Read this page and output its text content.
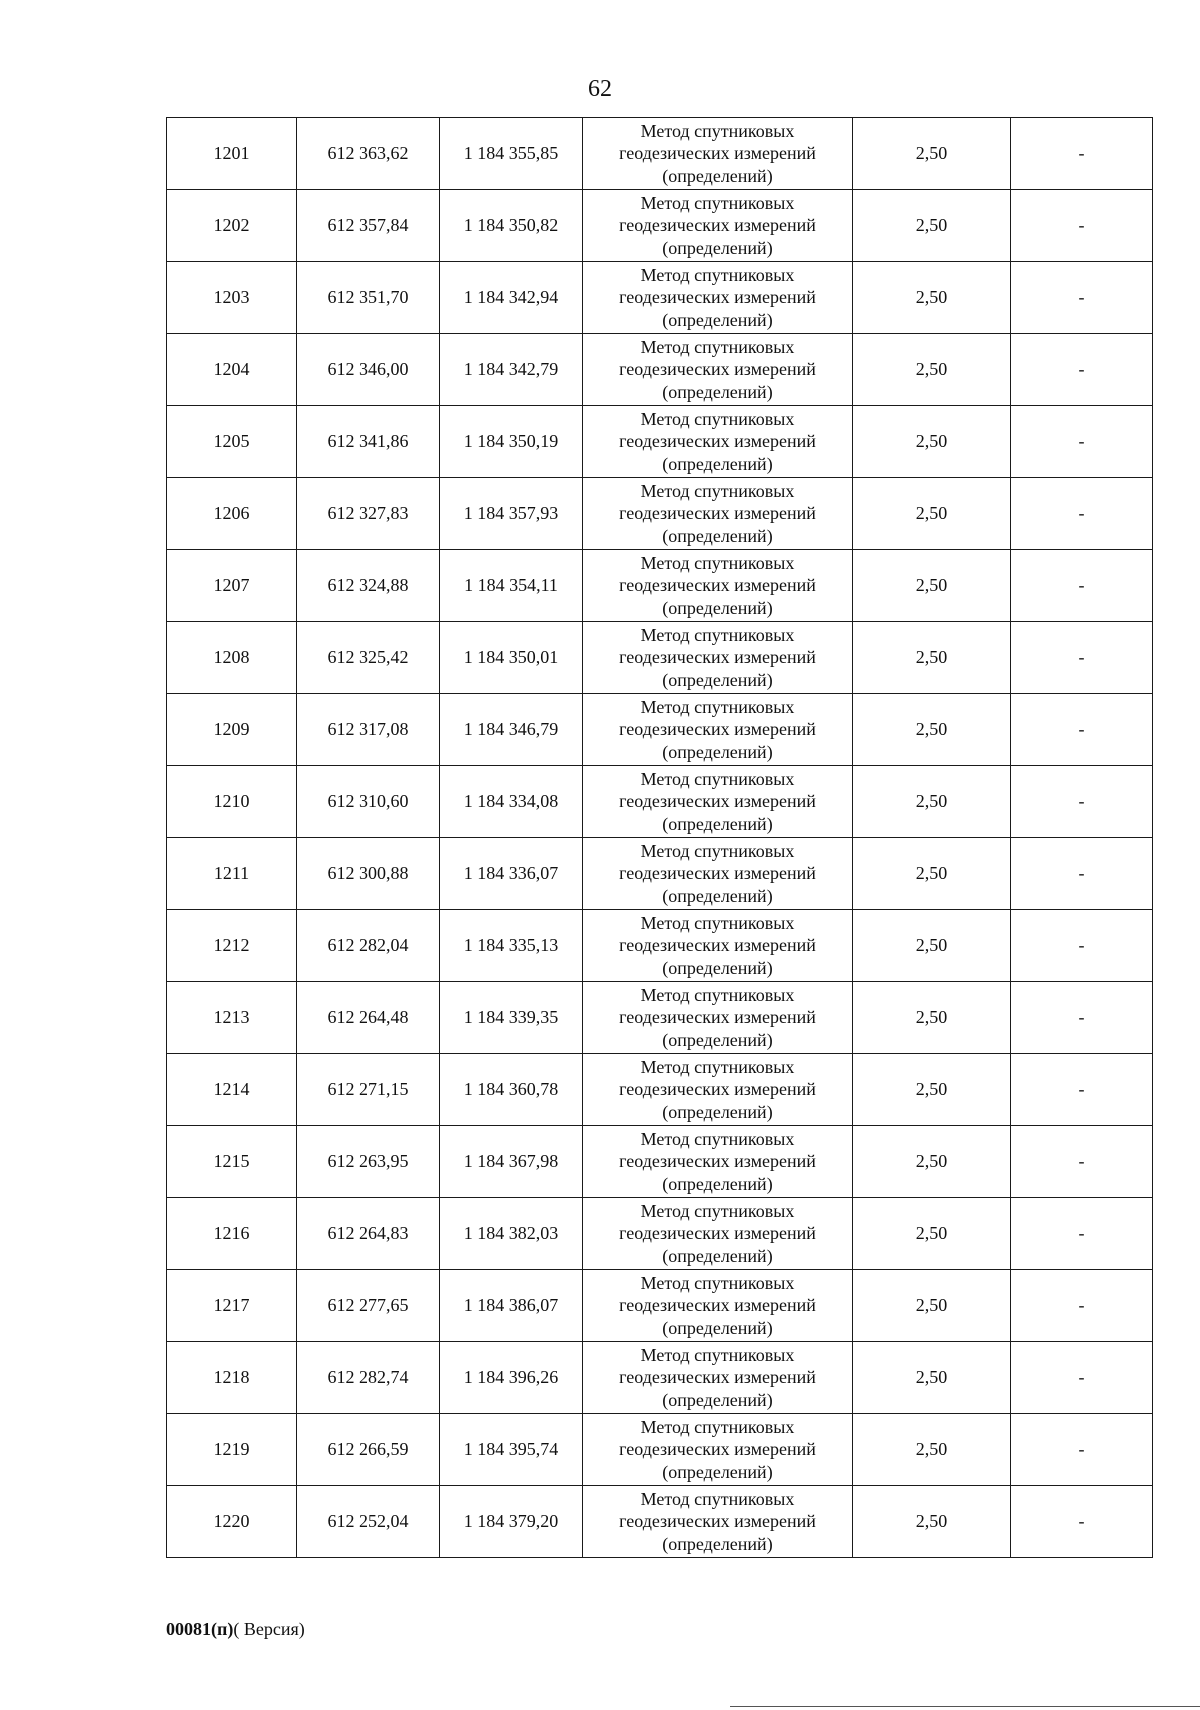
62
1201	612 363,62	1 184 355,85	Метод спутниковых
геодезических измерений
(определений)	2,50	-
1202	612 357,84	1 184 350,82	Метод спутниковых
геодезических измерений
(определений)	2,50	-
1203	612 351,70	1 184 342,94	Метод спутниковых
геодезических измерений
(определений)	2,50	-
1204	612 346,00	1 184 342,79	Метод спутниковых
геодезических измерений
(определений)	2,50	-
1205	612 341,86	1 184 350,19	Метод спутниковых
геодезических измерений
(определений)	2,50	-
1206	612 327,83	1 184 357,93	Метод спутниковых
геодезических измерений
(определений)	2,50	-
1207	612 324,88	1 184 354,11	Метод спутниковых
геодезических измерений
(определений)	2,50	-
1208	612 325,42	1 184 350,01	Метод спутниковых
геодезических измерений
(определений)	2,50	-
1209	612 317,08	1 184 346,79	Метод спутниковых
геодезических измерений
(определений)	2,50	-
1210	612 310,60	1 184 334,08	Метод спутниковых
геодезических измерений
(определений)	2,50	-
1211	612 300,88	1 184 336,07	Метод спутниковых
геодезических измерений
(определений)	2,50	-
1212	612 282,04	1 184 335,13	Метод спутниковых
геодезических измерений
(определений)	2,50	-
1213	612 264,48	1 184 339,35	Метод спутниковых
геодезических измерений
(определений)	2,50	-
1214	612 271,15	1 184 360,78	Метод спутниковых
геодезических измерений
(определений)	2,50	-
1215	612 263,95	1 184 367,98	Метод спутниковых
геодезических измерений
(определений)	2,50	-
1216	612 264,83	1 184 382,03	Метод спутниковых
геодезических измерений
(определений)	2,50	-
1217	612 277,65	1 184 386,07	Метод спутниковых
геодезических измерений
(определений)	2,50	-
1218	612 282,74	1 184 396,26	Метод спутниковых
геодезических измерений
(определений)	2,50	-
1219	612 266,59	1 184 395,74	Метод спутниковых
геодезических измерений
(определений)	2,50	-
1220	612 252,04	1 184 379,20	Метод спутниковых
геодезических измерений
(определений)	2,50	-
00081(п)( Версия)
